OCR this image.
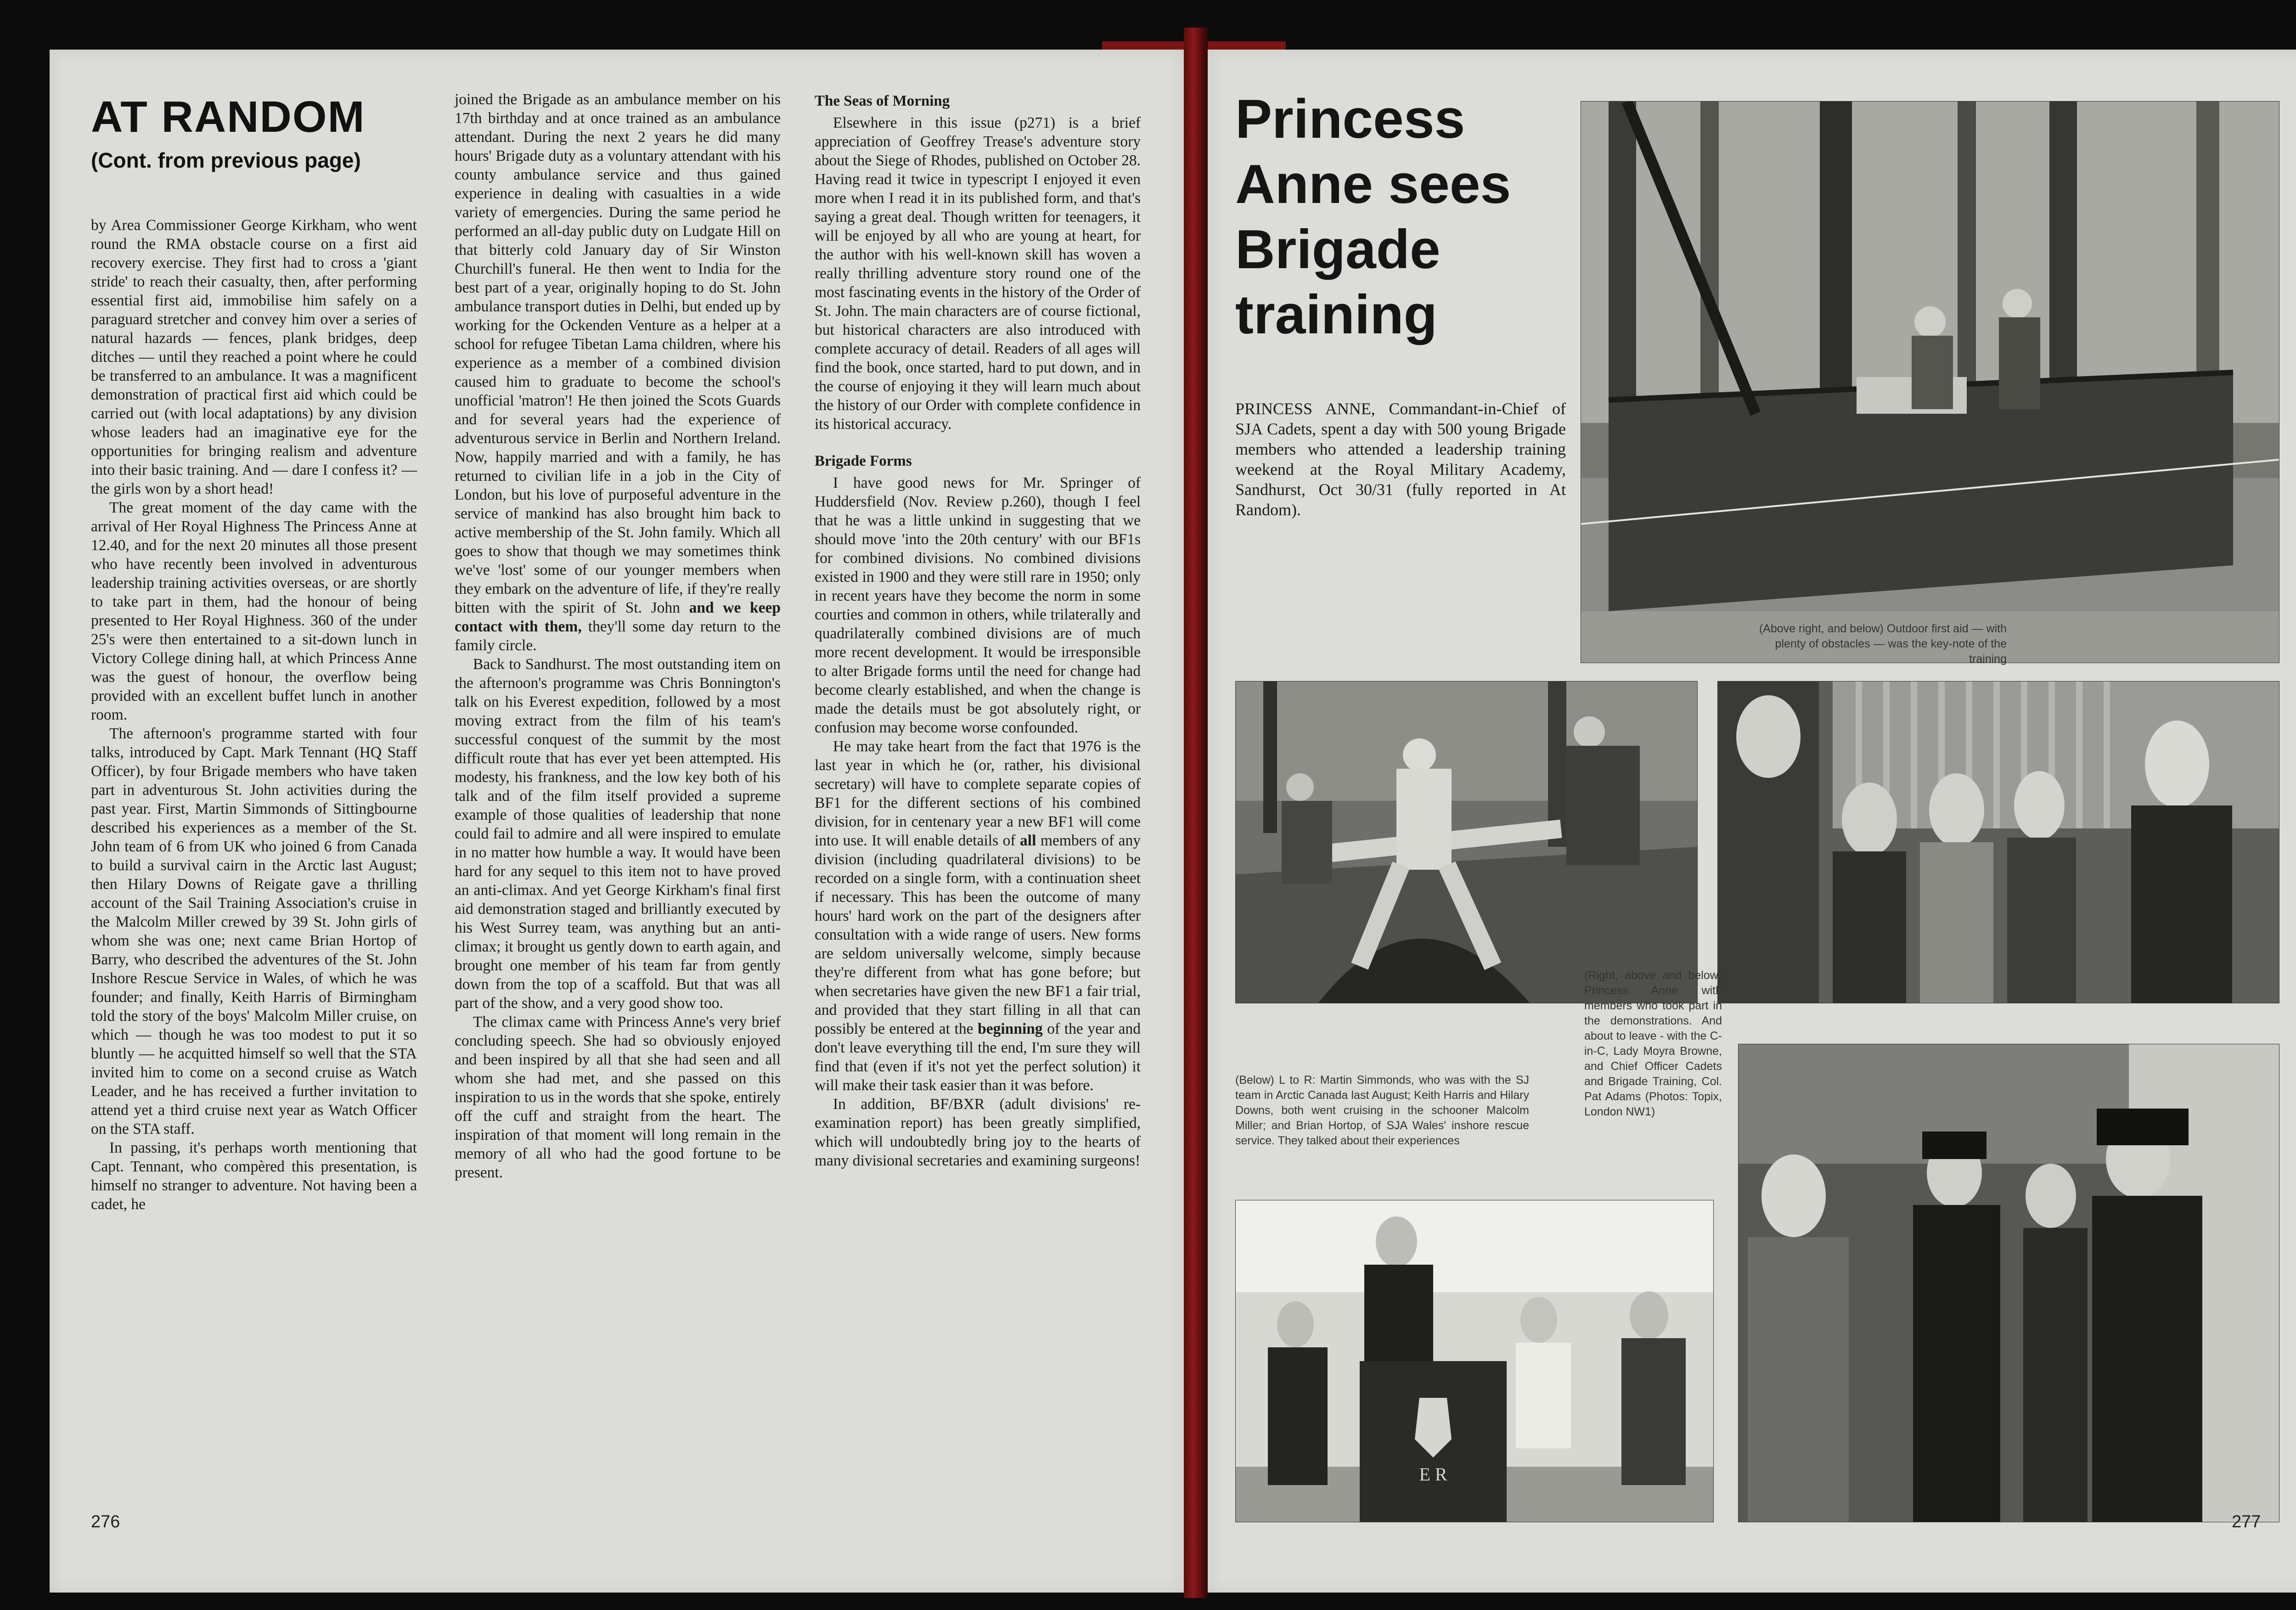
AT RANDOM
(Cont. from previous page)

by Area Commissioner George Kirkham, who went round the RMA obstacle course on a first aid recovery exercise. They first had to cross a 'giant stride' to reach their casualty, then, after performing essential first aid, immobilise him safely on a paraguard stretcher and convey him over a series of natural hazards — fences, plank bridges, deep ditches — until they reached a point where he could be transferred to an ambulance. It was a magnificent demonstration of practical first aid which could be carried out (with local adaptations) by any division whose leaders had an imaginative eye for the opportunities for bringing realism and adventure into their basic training. And — dare I confess it? — the girls won by a short head!

The great moment of the day came with the arrival of Her Royal Highness The Princess Anne at 12.40, and for the next 20 minutes all those present who have recently been involved in adventurous leadership training activities overseas, or are shortly to take part in them, had the honour of being presented to Her Royal Highness. 360 of the under 25's were then entertained to a sit-down lunch in Victory College dining hall, at which Princess Anne was the guest of honour, the overflow being provided with an excellent buffet lunch in another room.

The afternoon's programme started with four talks, introduced by Capt. Mark Tennant (HQ Staff Officer), by four Brigade members who have taken part in adventurous St. John activities during the past year. First, Martin Simmonds of Sittingbourne described his experiences as a member of the St. John team of 6 from UK who joined 6 from Canada to build a survival cairn in the Arctic last August; then Hilary Downs of Reigate gave a thrilling account of the Sail Training Association's cruise in the Malcolm Miller crewed by 39 St. John girls of whom she was one; next came Brian Hortop of Barry, who described the adventures of the St. John Inshore Rescue Service in Wales, of which he was founder; and finally, Keith Harris of Birmingham told the story of the boys' Malcolm Miller cruise, on which — though he was too modest to put it so bluntly — he acquitted himself so well that the STA invited him to come on a second cruise as Watch Leader, and he has received a further invitation to attend yet a third cruise next year as Watch Officer on the STA staff.

In passing, it's perhaps worth mentioning that Capt. Tennant, who compèred this presentation, is himself no stranger to adventure. Not having been a cadet, he

joined the Brigade as an ambulance member on his 17th birthday and at once trained as an ambulance attendant. During the next 2 years he did many hours' Brigade duty as a voluntary attendant with his county ambulance service and thus gained experience in dealing with casualties in a wide variety of emergencies. During the same period he performed an all-day public duty on Ludgate Hill on that bitterly cold January day of Sir Winston Churchill's funeral. He then went to India for the best part of a year, originally hoping to do St. John ambulance transport duties in Delhi, but ended up by working for the Ockenden Venture as a helper at a school for refugee Tibetan Lama children, where his experience as a member of a combined division caused him to graduate to become the school's unofficial 'matron'! He then joined the Scots Guards and for several years had the experience of adventurous service in Berlin and Northern Ireland. Now, happily married and with a family, he has returned to civilian life in a job in the City of London, but his love of purposeful adventure in the service of mankind has also brought him back to active membership of the St. John family. Which all goes to show that though we may sometimes think we've 'lost' some of our younger members when they embark on the adventure of life, if they're really bitten with the spirit of St. John and we keep contact with them, they'll some day return to the family circle.

Back to Sandhurst. The most outstanding item on the afternoon's programme was Chris Bonnington's talk on his Everest expedition, followed by a most moving extract from the film of his team's successful conquest of the summit by the most difficult route that has ever yet been attempted. His modesty, his frankness, and the low key both of his talk and of the film itself provided a supreme example of those qualities of leadership that none could fail to admire and all were inspired to emulate in no matter how humble a way. It would have been hard for any sequel to this item not to have proved an anti-climax. And yet George Kirkham's final first aid demonstration staged and brilliantly executed by his West Surrey team, was anything but an anti-climax; it brought us gently down to earth again, and brought one member of his team far from gently down from the top of a scaffold. But that was all part of the show, and a very good show too.

The climax came with Princess Anne's very brief concluding speech. She had so obviously enjoyed and been inspired by all that she had seen and all whom she had met, and she passed on this inspiration to us in the words that she spoke, entirely off the cuff and straight from the heart. The inspiration of that moment will long remain in the memory of all who had the good fortune to be present.

The Seas of Morning

Elsewhere in this issue (p271) is a brief appreciation of Geoffrey Trease's adventure story about the Siege of Rhodes, published on October 28. Having read it twice in typescript I enjoyed it even more when I read it in its published form, and that's saying a great deal. Though written for teenagers, it will be enjoyed by all who are young at heart, for the author with his well-known skill has woven a really thrilling adventure story round one of the most fascinating events in the history of the Order of St. John. The main characters are of course fictional, but historical characters are also introduced with complete accuracy of detail. Readers of all ages will find the book, once started, hard to put down, and in the course of enjoying it they will learn much about the history of our Order with complete confidence in its historical accuracy.

Brigade Forms

I have good news for Mr. Springer of Huddersfield (Nov. Review p.260), though I feel that he was a little unkind in suggesting that we should move 'into the 20th century' with our BF1s for combined divisions. No combined divisions existed in 1900 and they were still rare in 1950; only in recent years have they become the norm in some courties and common in others, while trilaterally and quadrilaterally combined divisions are of much more recent development. It would be irresponsible to alter Brigade forms until the need for change had become clearly established, and when the change is made the details must be got absolutely right, or confusion may become worse confounded.

He may take heart from the fact that 1976 is the last year in which he (or, rather, his divisional secretary) will have to complete separate copies of BF1 for the different sections of his combined division, for in centenary year a new BF1 will come into use. It will enable details of all members of any division (including quadrilateral divisions) to be recorded on a single form, with a continuation sheet if necessary. This has been the outcome of many hours' hard work on the part of the designers after consultation with a wide range of users. New forms are seldom universally welcome, simply because they're different from what has gone before; but when secretaries have given the new BF1 a fair trial, and provided that they start filling in all that can possibly be entered at the beginning of the year and don't leave everything till the end, I'm sure they will find that (even if it's not yet the perfect solution) it will make their task easier than it was before.

In addition, BF/BXR (adult divisions' re-examination report) has been greatly simplified, which will undoubtedly bring joy to the hearts of many divisional secretaries and examining surgeons!

276
Princess Anne sees Brigade training
PRINCESS ANNE, Commandant-in-Chief of SJA Cadets, spent a day with 500 young Brigade members who attended a leadership training weekend at the Royal Military Academy, Sandhurst, Oct 30/31 (fully reported in At Random).
(Above right, and below) Outdoor first aid — with plenty of obstacles — was the key-note of the training
E R
(Below) L to R: Martin Simmonds, who was with the SJ team in Arctic Canada last August; Keith Harris and Hilary Downs, both went cruising in the schooner Malcolm Miller; and Brian Hortop, of SJA Wales' inshore rescue service. They talked about their experiences
(Right, above and below) Princess Anne with members who took part in the demonstrations. And about to leave - with the C-in-C, Lady Moyra Browne, and Chief Officer Cadets and Brigade Training, Col. Pat Adams (Photos: Topix, London NW1)
277
